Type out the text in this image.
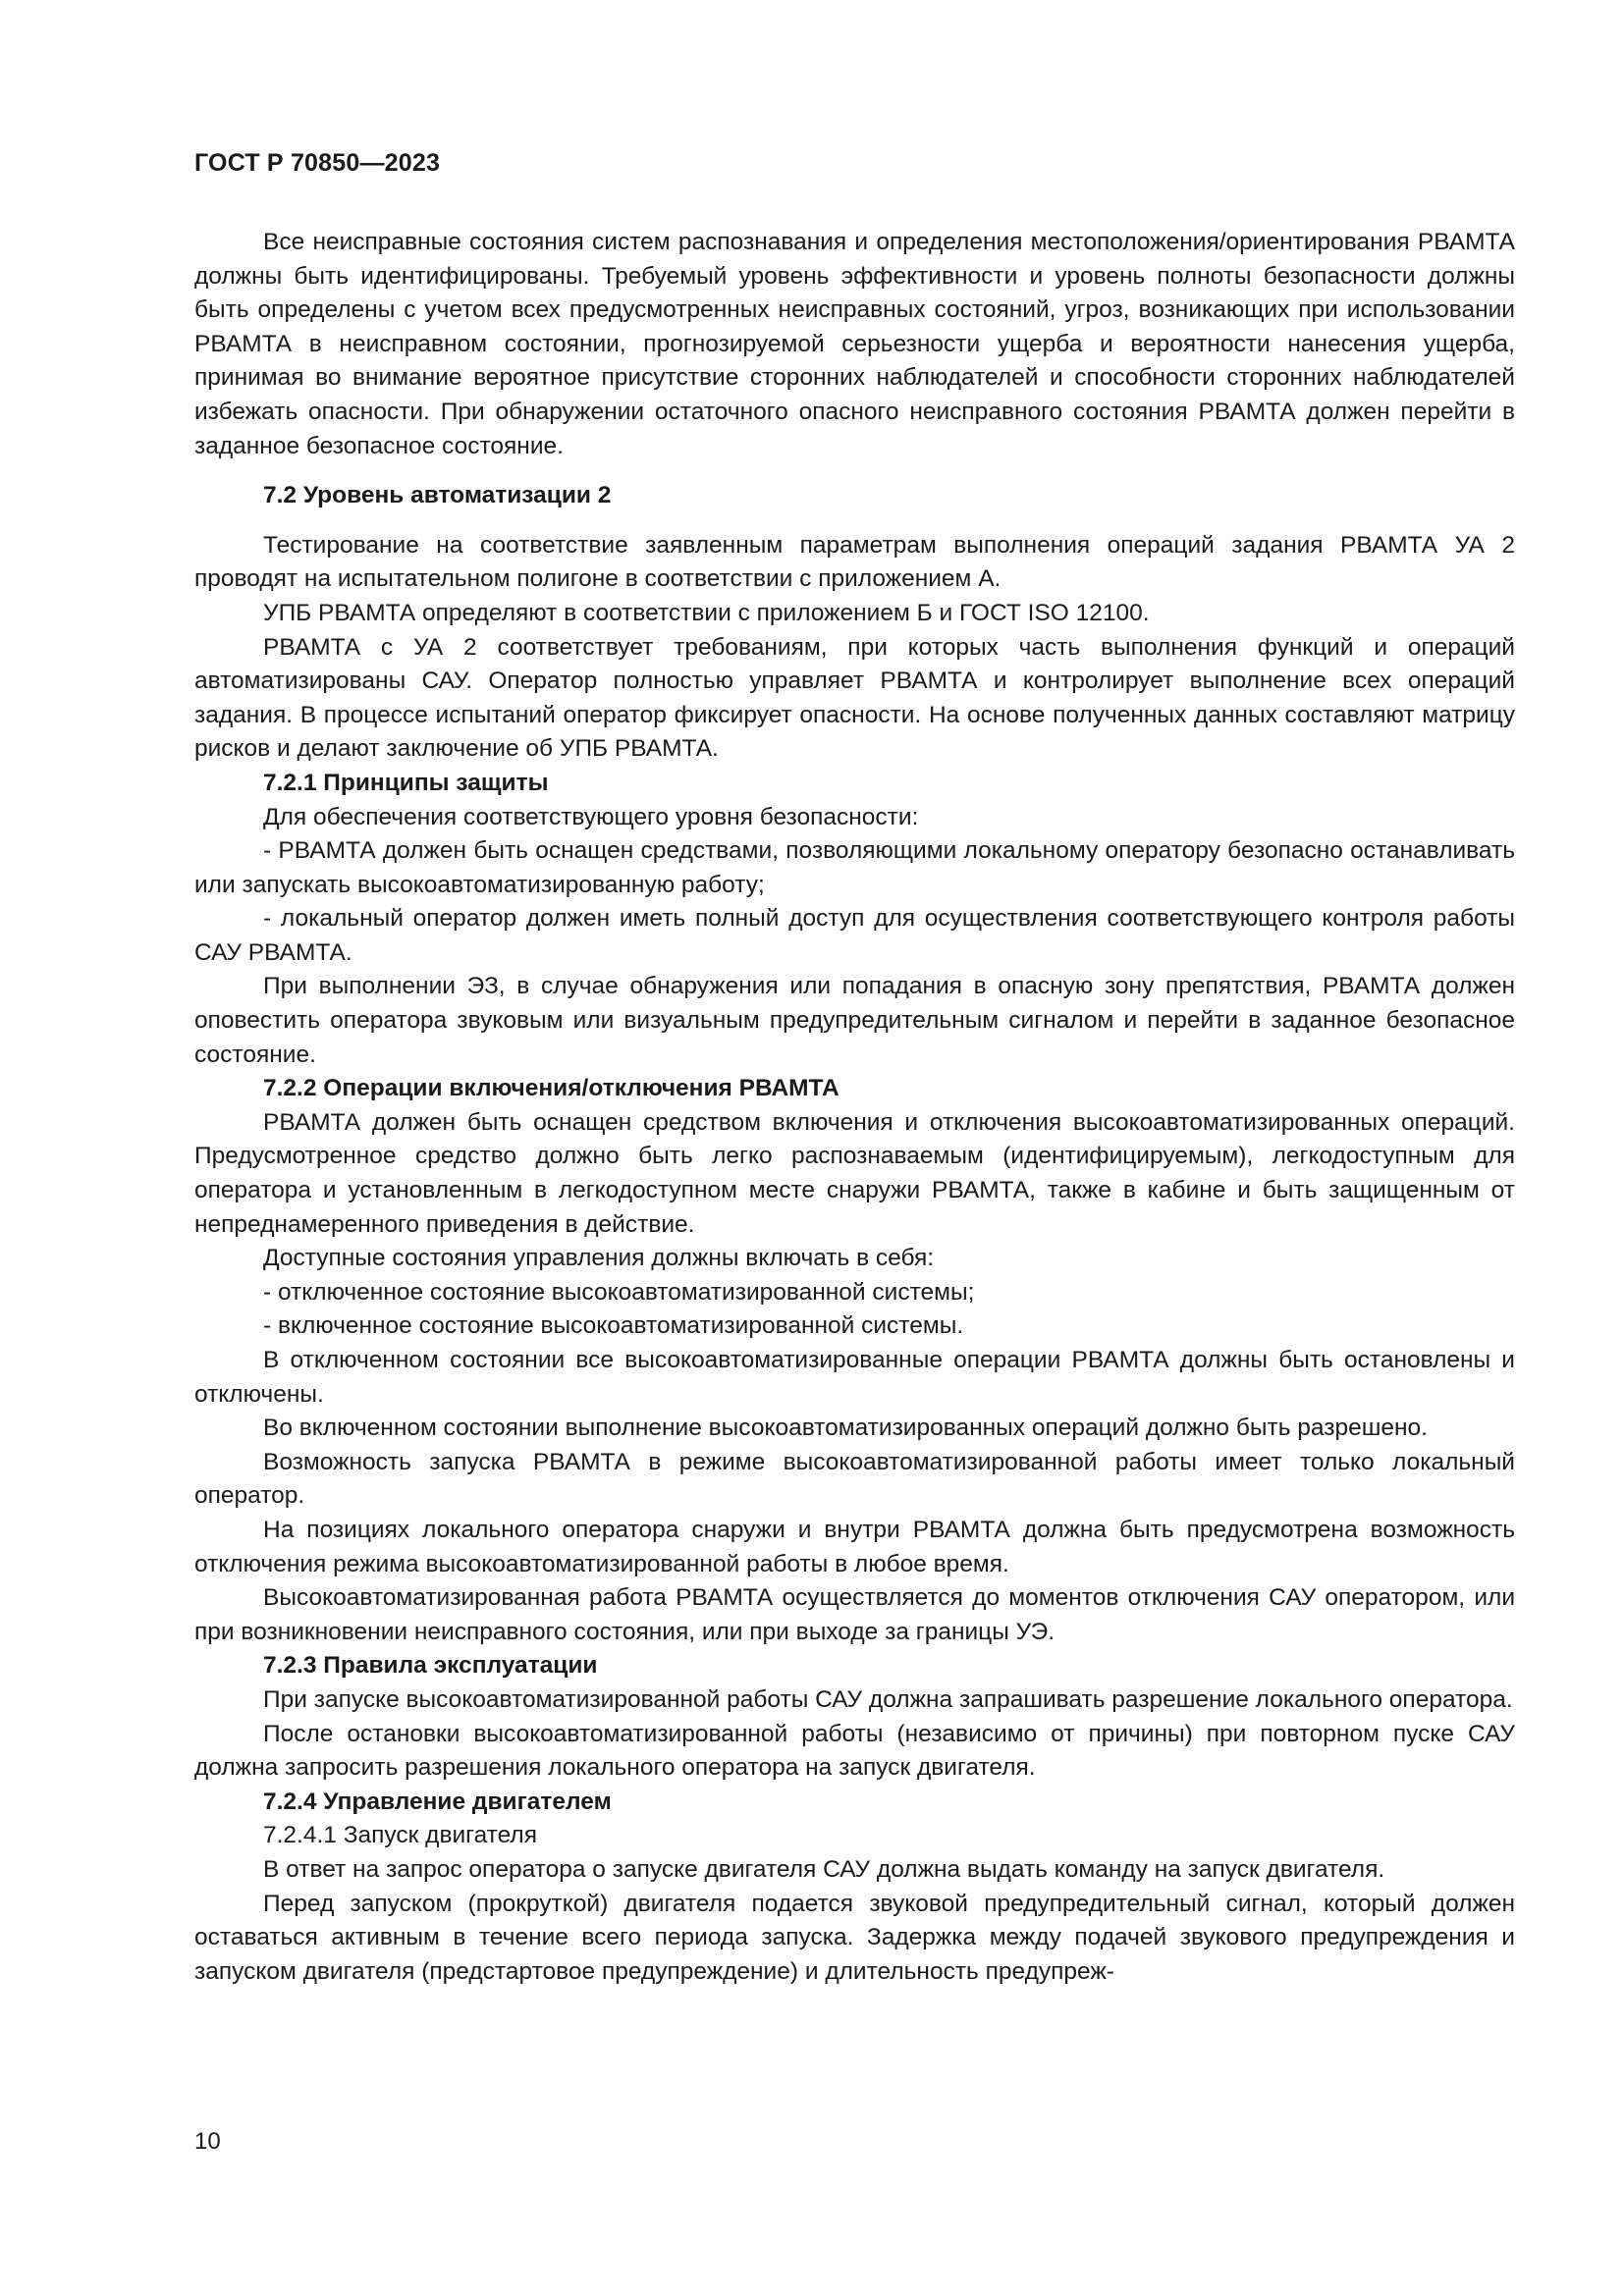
ГОСТ Р 70850—2023

Все неисправные состояния систем распознавания и определения местоположения/ориентирования РВАМТА должны быть идентифицированы. Требуемый уровень эффективности и уровень полноты безопасности должны быть определены с учетом всех предусмотренных неисправных состояний, угроз, возникающих при использовании РВАМТА в неисправном состоянии, прогнозируемой серьезности ущерба и вероятности нанесения ущерба, принимая во внимание вероятное присутствие сторонних наблюдателей и способности сторонних наблюдателей избежать опасности. При обнаружении остаточного опасного неисправного состояния РВАМТА должен перейти в заданное безопасное состояние.

7.2 Уровень автоматизации 2

Тестирование на соответствие заявленным параметрам выполнения операций задания РВАМТА УА 2 проводят на испытательном полигоне в соответствии с приложением А.

УПБ РВАМТА определяют в соответствии с приложением Б и ГОСТ ISO 12100.

РВАМТА с УА 2 соответствует требованиям, при которых часть выполнения функций и операций автоматизированы САУ. Оператор полностью управляет РВАМТА и контролирует выполнение всех операций задания. В процессе испытаний оператор фиксирует опасности. На основе полученных данных составляют матрицу рисков и делают заключение об УПБ РВАМТА.

7.2.1 Принципы защиты

Для обеспечения соответствующего уровня безопасности:

- РВАМТА должен быть оснащен средствами, позволяющими локальному оператору безопасно останавливать или запускать высокоавтоматизированную работу;

- локальный оператор должен иметь полный доступ для осуществления соответствующего контроля работы САУ РВАМТА.

При выполнении ЭЗ, в случае обнаружения или попадания в опасную зону препятствия, РВАМТА должен оповестить оператора звуковым или визуальным предупредительным сигналом и перейти в заданное безопасное состояние.

7.2.2 Операции включения/отключения РВАМТА

РВАМТА должен быть оснащен средством включения и отключения высокоавтоматизированных операций. Предусмотренное средство должно быть легко распознаваемым (идентифицируемым), легкодоступным для оператора и установленным в легкодоступном месте снаружи РВАМТА, также в кабине и быть защищенным от непреднамеренного приведения в действие.

Доступные состояния управления должны включать в себя:

- отключенное состояние высокоавтоматизированной системы;

- включенное состояние высокоавтоматизированной системы.

В отключенном состоянии все высокоавтоматизированные операции РВАМТА должны быть остановлены и отключены.

Во включенном состоянии выполнение высокоавтоматизированных операций должно быть разрешено.

Возможность запуска РВАМТА в режиме высокоавтоматизированной работы имеет только локальный оператор.

На позициях локального оператора снаружи и внутри РВАМТА должна быть предусмотрена возможность отключения режима высокоавтоматизированной работы в любое время.

Высокоавтоматизированная работа РВАМТА осуществляется до моментов отключения САУ оператором, или при возникновении неисправного состояния, или при выходе за границы УЭ.

7.2.3 Правила эксплуатации

При запуске высокоавтоматизированной работы САУ должна запрашивать разрешение локального оператора.

После остановки высокоавтоматизированной работы (независимо от причины) при повторном пуске САУ должна запросить разрешения локального оператора на запуск двигателя.

7.2.4 Управление двигателем

7.2.4.1 Запуск двигателя

В ответ на запрос оператора о запуске двигателя САУ должна выдать команду на запуск двигателя.

Перед запуском (прокруткой) двигателя подается звуковой предупредительный сигнал, который должен оставаться активным в течение всего периода запуска. Задержка между подачей звукового предупреждения и запуском двигателя (предстартовое предупреждение) и длительность предупреж-

10
